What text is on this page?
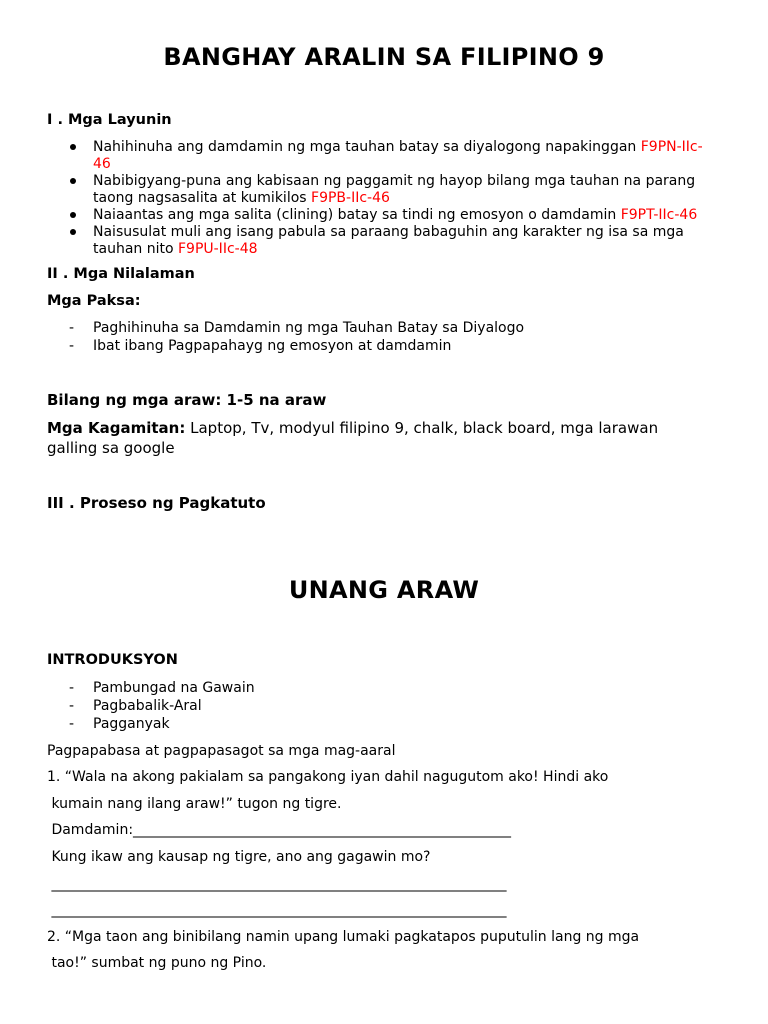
BANGHAY ARALIN SA FILIPINO 9
I . Mga Layunin
Nahihinuha ang damdamin ng mga tauhan batay sa diyalogong napakinggan F9PN-IIc-46
Nabibigyang-puna ang kabisaan ng paggamit ng hayop bilang mga tauhan na parang taong nagsasalita at kumikilos F9PB-IIc-46
Naiaantas ang mga salita (clining) batay sa tindi ng emosyon o damdamin F9PT-IIc-46
Naisusulat muli ang isang pabula sa paraang babaguhin ang karakter ng isa sa mga tauhan nito F9PU-IIc-48
II . Mga Nilalaman
Mga Paksa:
- Paghihinuha sa Damdamin ng mga Tauhan Batay sa Diyalogo
- Ibat ibang Pagpapahayg ng emosyon at damdamin
Bilang ng mga araw: 1-5 na araw
Mga Kagamitan: Laptop, Tv, modyul filipino 9, chalk, black board, mga larawan galling sa google
III . Proseso ng Pagkatuto
UNANG ARAW
INTRODUKSYON
- Pambungad na Gawain
- Pagbabalik-Aral
- Pagganyak
Pagpapabasa at pagpapasagot sa mga mag-aaral
1. “Wala na akong pakialam sa pangakong iyan dahil nagugutom ako! Hindi ako
kumain nang ilang araw!” tugon ng tigre.
Damdamin:______________________________________________________
Kung ikaw ang kausap ng tigre, ano ang gagawin mo?
_________________________________________________________________
_________________________________________________________________
2. “Mga taon ang binibilang namin upang lumaki pagkatapos puputulin lang ng mga
tao!” sumbat ng puno ng Pino.
